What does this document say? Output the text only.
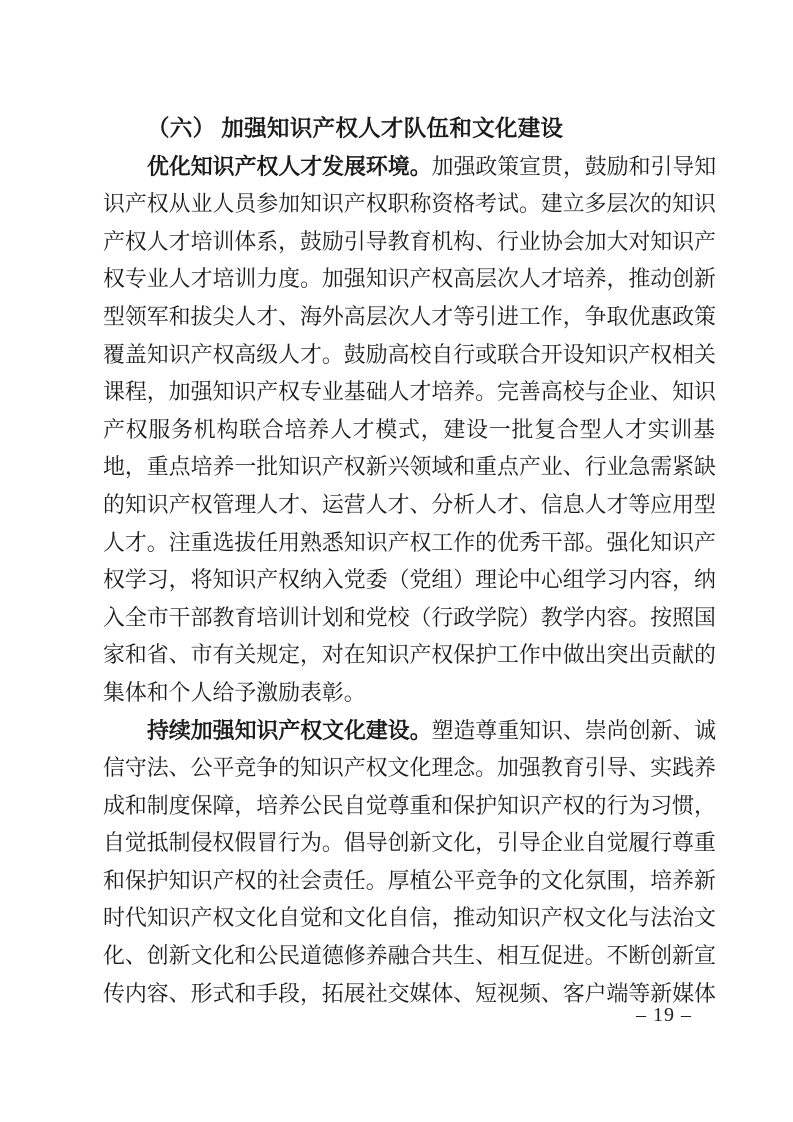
（六） 加强知识产权人才队伍和文化建设
优化知识产权人才发展环境。加强政策宣贯，鼓励和引导知
识产权从业人员参加知识产权职称资格考试。建立多层次的知识
产权人才培训体系，鼓励引导教育机构、行业协会加大对知识产
权专业人才培训力度。加强知识产权高层次人才培养，推动创新
型领军和拔尖人才、海外高层次人才等引进工作，争取优惠政策
覆盖知识产权高级人才。鼓励高校自行或联合开设知识产权相关
课程，加强知识产权专业基础人才培养。完善高校与企业、知识
产权服务机构联合培养人才模式，建设一批复合型人才实训基
地，重点培养一批知识产权新兴领域和重点产业、行业急需紧缺
的知识产权管理人才、运营人才、分析人才、信息人才等应用型
人才。注重选拔任用熟悉知识产权工作的优秀干部。强化知识产
权学习，将知识产权纳入党委（党组）理论中心组学习内容，纳
入全市干部教育培训计划和党校（行政学院）教学内容。按照国
家和省、市有关规定，对在知识产权保护工作中做出突出贡献的
集体和个人给予激励表彰。
持续加强知识产权文化建设。塑造尊重知识、崇尚创新、诚
信守法、公平竞争的知识产权文化理念。加强教育引导、实践养
成和制度保障，培养公民自觉尊重和保护知识产权的行为习惯，
自觉抵制侵权假冒行为。倡导创新文化，引导企业自觉履行尊重
和保护知识产权的社会责任。厚植公平竞争的文化氛围，培养新
时代知识产权文化自觉和文化自信，推动知识产权文化与法治文
化、创新文化和公民道德修养融合共生、相互促进。不断创新宣
传内容、形式和手段，拓展社交媒体、短视频、客户端等新媒体
– 19 –
